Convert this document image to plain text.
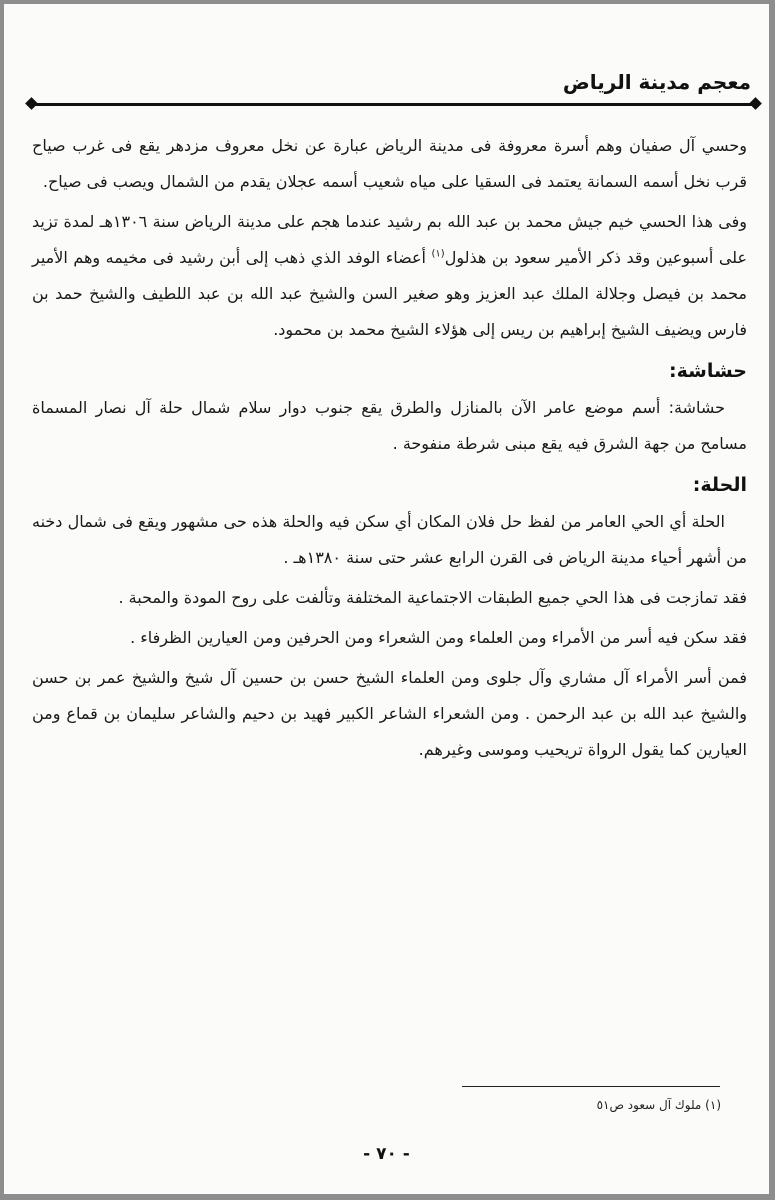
معجم مدينة الرياض

وحسي آل صفيان وهم أسرة معروفة فى مدينة الرياض عبارة عن نخل معروف مزدهر يقع فى غرب صياح قرب نخل أسمه السمانة يعتمد فى السقيا على مياه شعيب أسمه عجلان يقدم من الشمال ويصب فى صياح.

وفى هذا الحسي خيم جيش محمد بن عبد الله بم رشيد عندما هجم على مدينة الرياض سنة ١٣٠٦هـ لمدة تزيد على أسبوعين وقد ذكر الأمير سعود بن هذلول$^{(١)}$ أعضاء الوفد الذي ذهب إلى أبن رشيد فى مخيمه وهم الأمير محمد بن فيصل وجلالة الملك عبد العزيز وهو صغير السن والشيخ عبد الله بن عبد اللطيف والشيخ حمد بن فارس ويضيف الشيخ إبراهيم بن ريس إلى هؤلاء الشيخ محمد بن محمود.

حشاشة:

حشاشة: أسم موضع عامر الآن بالمنازل والطرق يقع جنوب دوار سلام شمال حلة آل نصار المسماة مسامح من جهة الشرق فيه يقع مبنى شرطة منفوحة .

الحلة:

الحلة أي الحي العامر من لفظ حل فلان المكان أي سكن فيه والحلة هذه حى مشهور ويقع فى شمال دخنه من أشهر أحياء مدينة الرياض فى القرن الرابع عشر حتى سنة ١٣٨٠هـ .

فقد تمازجت فى هذا الحي جميع الطبقات الاجتماعية المختلفة وتألفت على روح المودة والمحبة .

فقد سكن فيه أسر من الأمراء ومن العلماء ومن الشعراء ومن الحرفين ومن العيارين الظرفاء .

فمن أسر الأمراء آل مشاري وآل جلوى ومن العلماء الشيخ حسن بن حسين آل شيخ والشيخ عمر بن حسن والشيخ عبد الله بن عبد الرحمن . ومن الشعراء الشاعر الكبير فهيد بن دحيم والشاعر سليمان بن قماع ومن العيارين كما يقول الرواة تريحيب وموسى وغيرهم.

(١) ملوك آل سعود ص٥١
- ٧٠ -
